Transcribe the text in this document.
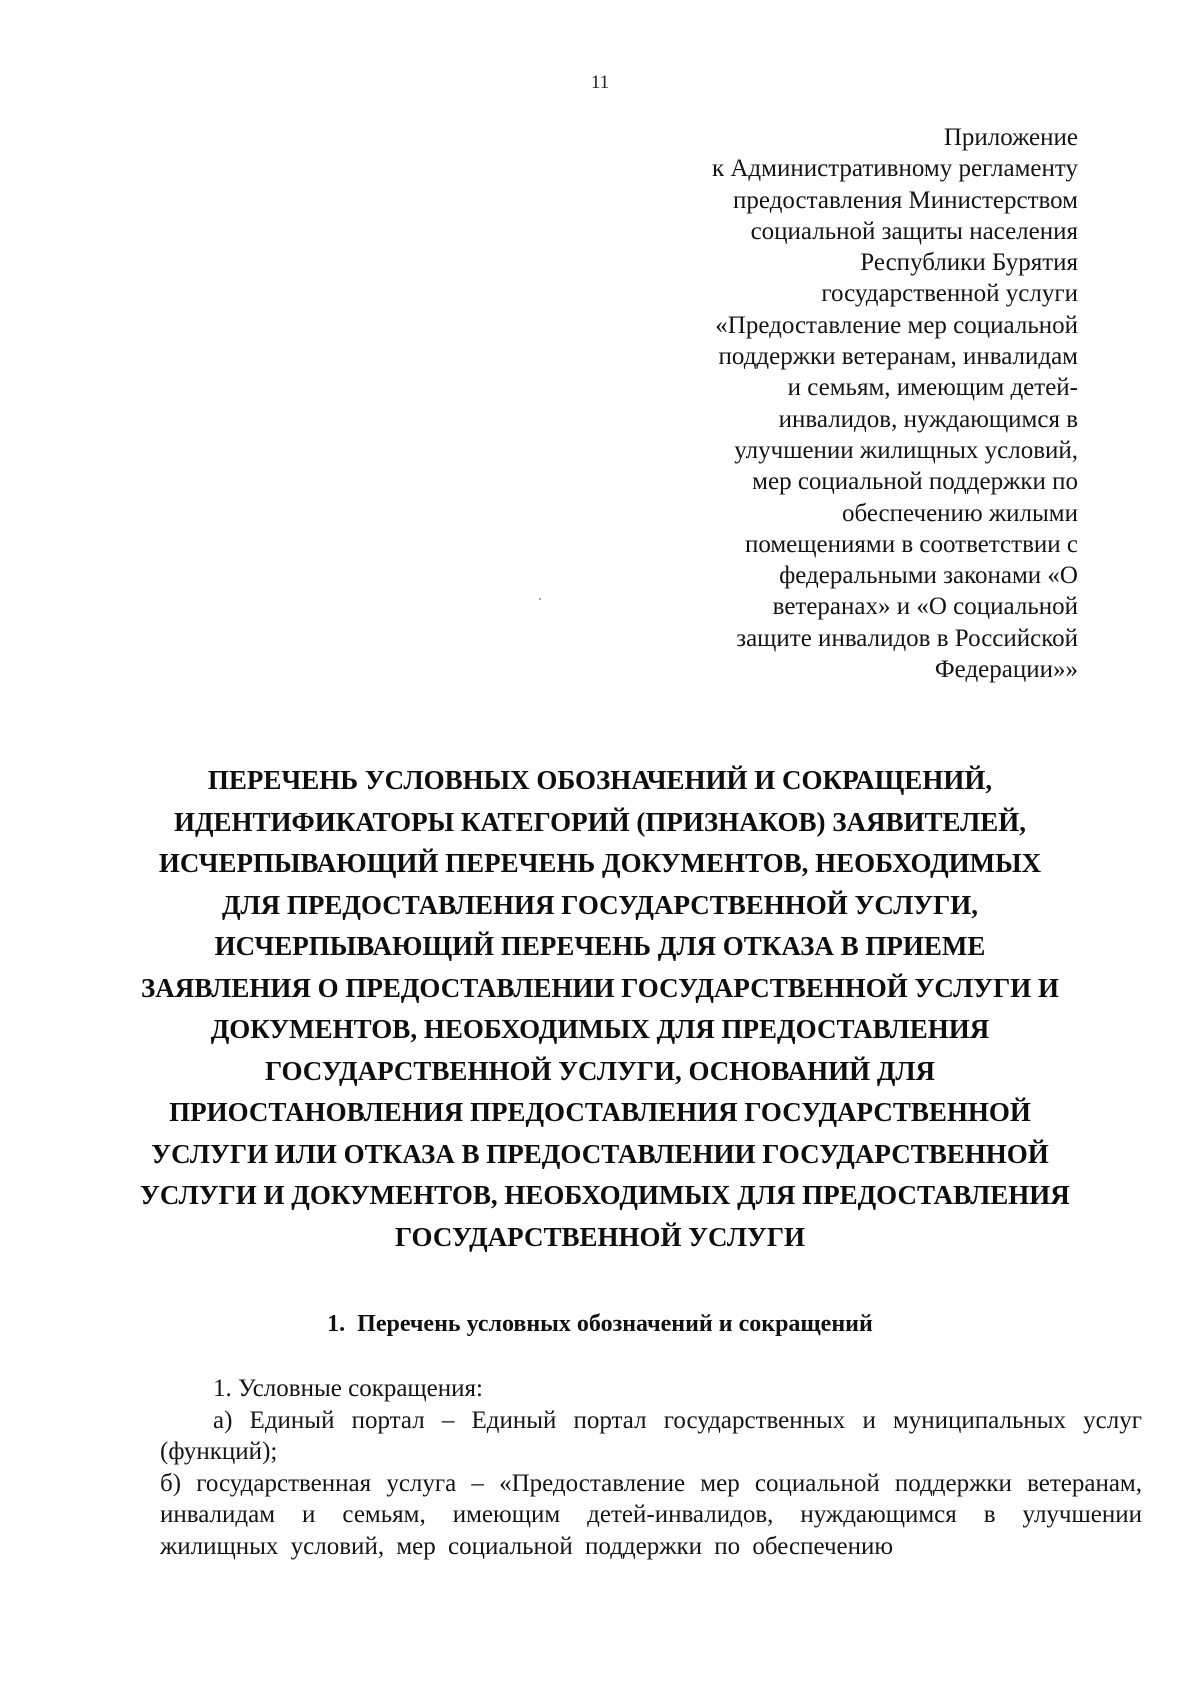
11
Приложение
к Административному регламенту
предоставления Министерством
социальной защиты населения
Республики Бурятия
государственной услуги
«Предоставление мер социальной
поддержки ветеранам, инвалидам
и семьям, имеющим детей-
инвалидов, нуждающимся в
улучшении жилищных условий,
мер социальной поддержки по
обеспечению жилыми
помещениями в соответствии с
федеральными законами «О
ветеранах» и «О социальной
защите инвалидов в Российской
Федерации»»
ПЕРЕЧЕНЬ УСЛОВНЫХ ОБОЗНАЧЕНИЙ И СОКРАЩЕНИЙ,
ИДЕНТИФИКАТОРЫ КАТЕГОРИЙ (ПРИЗНАКОВ) ЗАЯВИТЕЛЕЙ,
ИСЧЕРПЫВАЮЩИЙ ПЕРЕЧЕНЬ ДОКУМЕНТОВ, НЕОБХОДИМЫХ
ДЛЯ ПРЕДОСТАВЛЕНИЯ ГОСУДАРСТВЕННОЙ УСЛУГИ,
ИСЧЕРПЫВАЮЩИЙ ПЕРЕЧЕНЬ ДЛЯ ОТКАЗА В ПРИЕМЕ
ЗАЯВЛЕНИЯ О ПРЕДОСТАВЛЕНИИ ГОСУДАРСТВЕННОЙ УСЛУГИ И
ДОКУМЕНТОВ, НЕОБХОДИМЫХ ДЛЯ ПРЕДОСТАВЛЕНИЯ
ГОСУДАРСТВЕННОЙ УСЛУГИ, ОСНОВАНИЙ ДЛЯ
ПРИОСТАНОВЛЕНИЯ ПРЕДОСТАВЛЕНИЯ ГОСУДАРСТВЕННОЙ
УСЛУГИ ИЛИ ОТКАЗА В ПРЕДОСТАВЛЕНИИ ГОСУДАРСТВЕННОЙ
УСЛУГИ И ДОКУМЕНТОВ, НЕОБХОДИМЫХ ДЛЯ ПРЕДОСТАВЛЕНИЯ
ГОСУДАРСТВЕННОЙ УСЛУГИ
1. Перечень условных обозначений и сокращений

1. Условные сокращения:

а) Единый портал – Единый портал государственных и муниципальных услуг (функций);

б) государственная услуга – «Предоставление мер социальной поддержки ветеранам, инвалидам и семьям, имеющим детей-инвалидов, нуждающимся в улучшении жилищных условий, мер социальной поддержки по обеспечению
